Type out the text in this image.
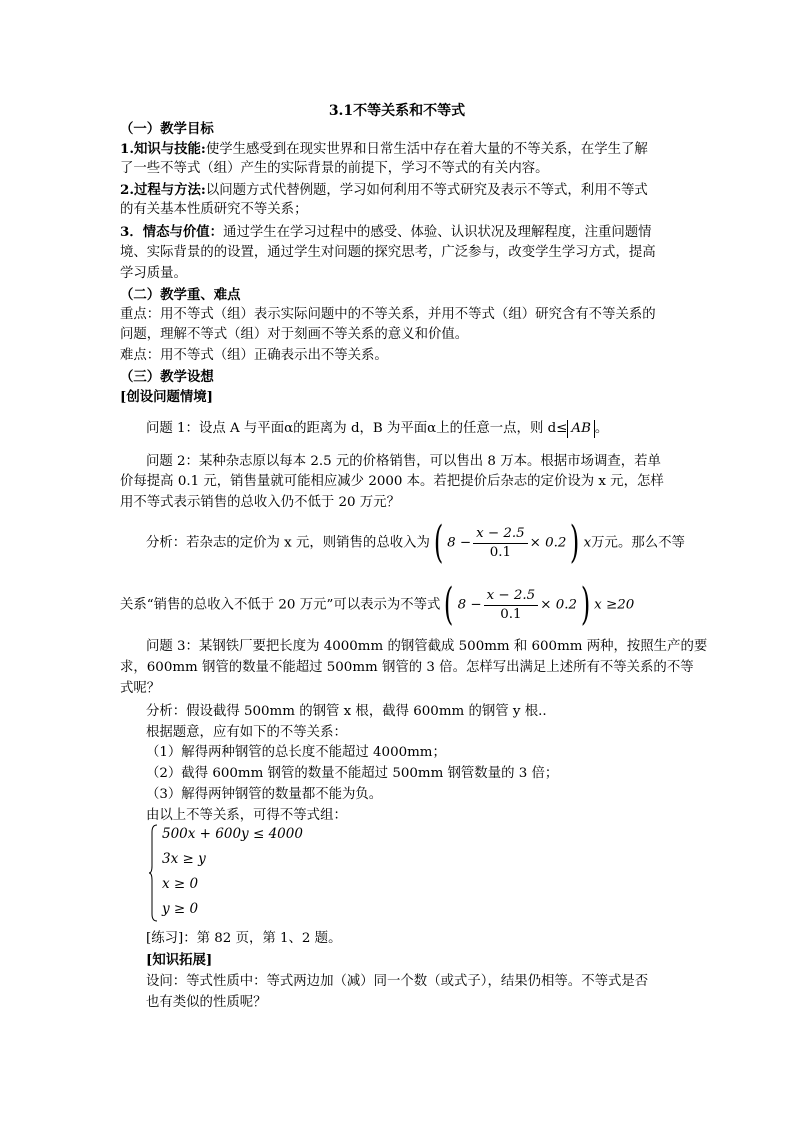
3.1不等关系和不等式
（一）教学目标
1.知识与技能:使学生感受到在现实世界和日常生活中存在着大量的不等关系，在学生了解
了一些不等式（组）产生的实际背景的前提下，学习不等式的有关内容。
2.过程与方法:以问题方式代替例题，学习如何利用不等式研究及表示不等式，利用不等式
的有关基本性质研究不等关系；
3．情态与价值：通过学生在学习过程中的感受、体验、认识状况及理解程度，注重问题情
境、实际背景的的设置，通过学生对问题的探究思考，广泛参与，改变学生学习方式，提高
学习质量。
（二）教学重、难点
重点：用不等式（组）表示实际问题中的不等关系，并用不等式（组）研究含有不等关系的
问题，理解不等式（组）对于刻画不等关系的意义和价值。
难点：用不等式（组）正确表示出不等关系。
（三）教学设想
[创设问题情境]
问题 1：设点 A 与平面α的距离为 d，B 为平面α上的任意一点，则 d≤ AB 。
问题 2：某种杂志原以每本 2.5 元的价格销售，可以售出 8 万本。根据市场调查，若单
价每提高 0.1 元，销售量就可能相应减少 2000 本。若把提价后杂志的定价设为 x 元，怎样
用不等式表示销售的总收入仍不低于 20 万元？
分析：若杂志的定价为 x 元，则销售的总收入为( $8 - \frac{x - 2.5}{0.1} \times 0.2$) x万元。那么不等
关系“销售的总收入不低于 20 万元”可以表示为不等式( $8 - \frac{x - 2.5}{0.1} \times 0.2$) x ≥20
问题 3：某钢铁厂要把长度为 4000mm 的钢管截成 500mm 和 600mm 两种，按照生产的要
求，600mm 钢管的数量不能超过 500mm 钢管的 3 倍。怎样写出满足上述所有不等关系的不等
式呢？
分析：假设截得 500mm 的钢管 x 根，截得 600mm 的钢管 y 根..
根据题意，应有如下的不等关系：
（1）解得两种钢管的总长度不能超过 4000mm；
（2）截得 600mm 钢管的数量不能超过 500mm 钢管数量的 3 倍；
（3）解得两钟钢管的数量都不能为负。
由以上不等关系，可得不等式组：
500x + 600y ≤ 4000
3x ≥ y
x ≥ 0
y ≥ 0
[练习]：第 82 页，第 1、2 题。
[知识拓展]
设问：等式性质中：等式两边加（减）同一个数（或式子），结果仍相等。不等式是否
也有类似的性质呢？
